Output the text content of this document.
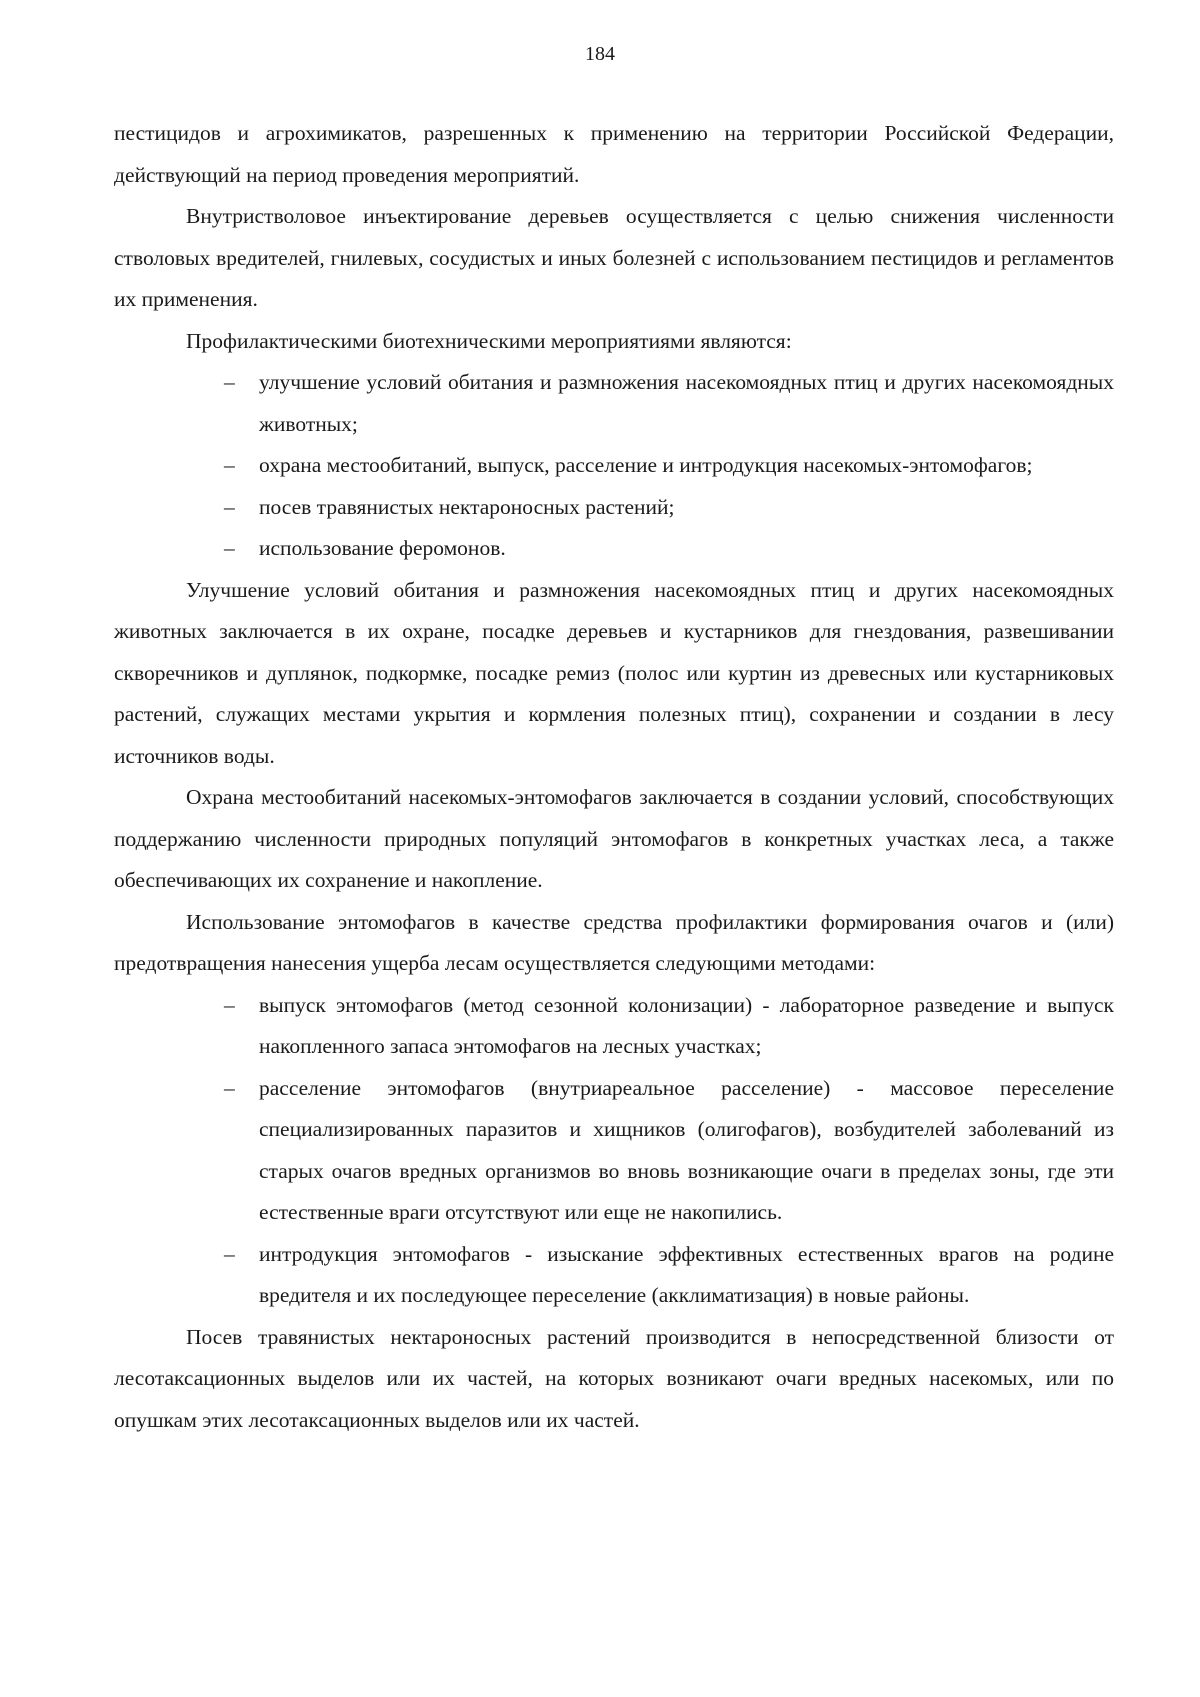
184

пестицидов и агрохимикатов, разрешенных к применению на территории Российской Федерации, действующий на период проведения мероприятий.

Внутристволовое инъектирование деревьев осуществляется с целью снижения численности стволовых вредителей, гнилевых, сосудистых и иных болезней с использованием пестицидов и регламентов их применения.

Профилактическими биотехническими мероприятиями являются:

– улучшение условий обитания и размножения насекомоядных птиц и других насекомоядных животных;
– охрана местообитаний, выпуск, расселение и интродукция насекомых-энтомофагов;
– посев травянистых нектароносных растений;
– использование феромонов.

Улучшение условий обитания и размножения насекомоядных птиц и других насекомоядных животных заключается в их охране, посадке деревьев и кустарников для гнездования, развешивании скворечников и дуплянок, подкормке, посадке ремиз (полос или куртин из древесных или кустарниковых растений, служащих местами укрытия и кормления полезных птиц), сохранении и создании в лесу источников воды.

Охрана местообитаний насекомых-энтомофагов заключается в создании условий, способствующих поддержанию численности природных популяций энтомофагов в конкретных участках леса, а также обеспечивающих их сохранение и накопление.

Использование энтомофагов в качестве средства профилактики формирования очагов и (или) предотвращения нанесения ущерба лесам осуществляется следующими методами:

– выпуск энтомофагов (метод сезонной колонизации) - лабораторное разведение и выпуск накопленного запаса энтомофагов на лесных участках;
– расселение энтомофагов (внутриареальное расселение) - массовое переселение специализированных паразитов и хищников (олигофагов), возбудителей заболеваний из старых очагов вредных организмов во вновь возникающие очаги в пределах зоны, где эти естественные враги отсутствуют или еще не накопились.
– интродукция энтомофагов - изыскание эффективных естественных врагов на родине вредителя и их последующее переселение (акклиматизация) в новые районы.

Посев травянистых нектароносных растений производится в непосредственной близости от лесотаксационных выделов или их частей, на которых возникают очаги вредных насекомых, или по опушкам этих лесотаксационных выделов или их частей.
